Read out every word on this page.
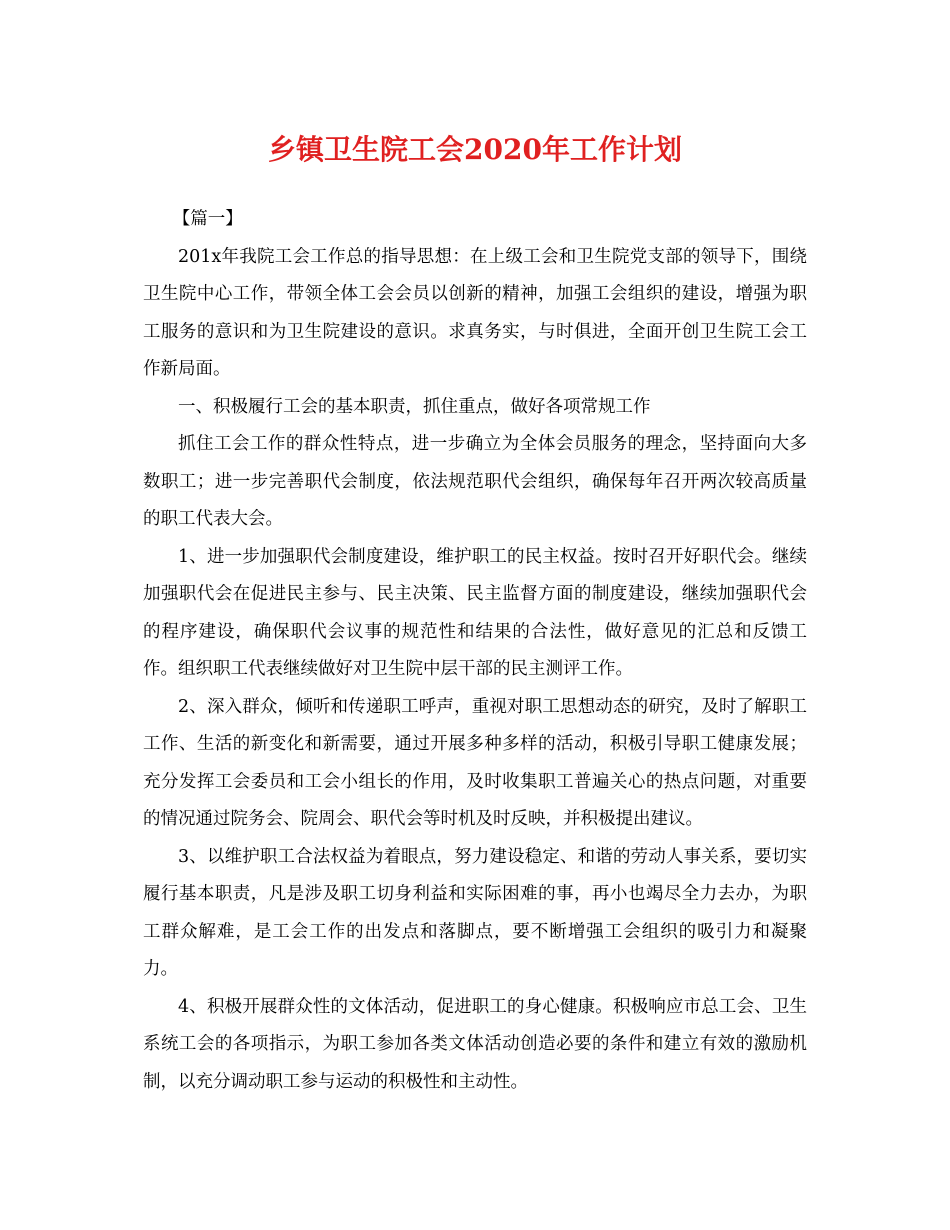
乡镇卫生院工会2020年工作计划

【篇一】

201x年我院工会工作总的指导思想：在上级工会和卫生院党支部的领导下，围绕卫生院中心工作，带领全体工会会员以创新的精神，加强工会组织的建设，增强为职工服务的意识和为卫生院建设的意识。求真务实，与时俱进，全面开创卫生院工会工作新局面。

一、积极履行工会的基本职责，抓住重点，做好各项常规工作

抓住工会工作的群众性特点，进一步确立为全体会员服务的理念，坚持面向大多数职工；进一步完善职代会制度，依法规范职代会组织，确保每年召开两次较高质量的职工代表大会。

1、进一步加强职代会制度建设，维护职工的民主权益。按时召开好职代会。继续加强职代会在促进民主参与、民主决策、民主监督方面的制度建设，继续加强职代会的程序建设，确保职代会议事的规范性和结果的合法性，做好意见的汇总和反馈工作。组织职工代表继续做好对卫生院中层干部的民主测评工作。

2、深入群众，倾听和传递职工呼声，重视对职工思想动态的研究，及时了解职工工作、生活的新变化和新需要，通过开展多种多样的活动，积极引导职工健康发展；充分发挥工会委员和工会小组长的作用，及时收集职工普遍关心的热点问题，对重要的情况通过院务会、院周会、职代会等时机及时反映，并积极提出建议。

3、以维护职工合法权益为着眼点，努力建设稳定、和谐的劳动人事关系，要切实履行基本职责，凡是涉及职工切身利益和实际困难的事，再小也竭尽全力去办，为职工群众解难，是工会工作的出发点和落脚点，要不断增强工会组织的吸引力和凝聚力。

4、积极开展群众性的文体活动，促进职工的身心健康。积极响应市总工会、卫生系统工会的各项指示，为职工参加各类文体活动创造必要的条件和建立有效的激励机制，以充分调动职工参与运动的积极性和主动性。
